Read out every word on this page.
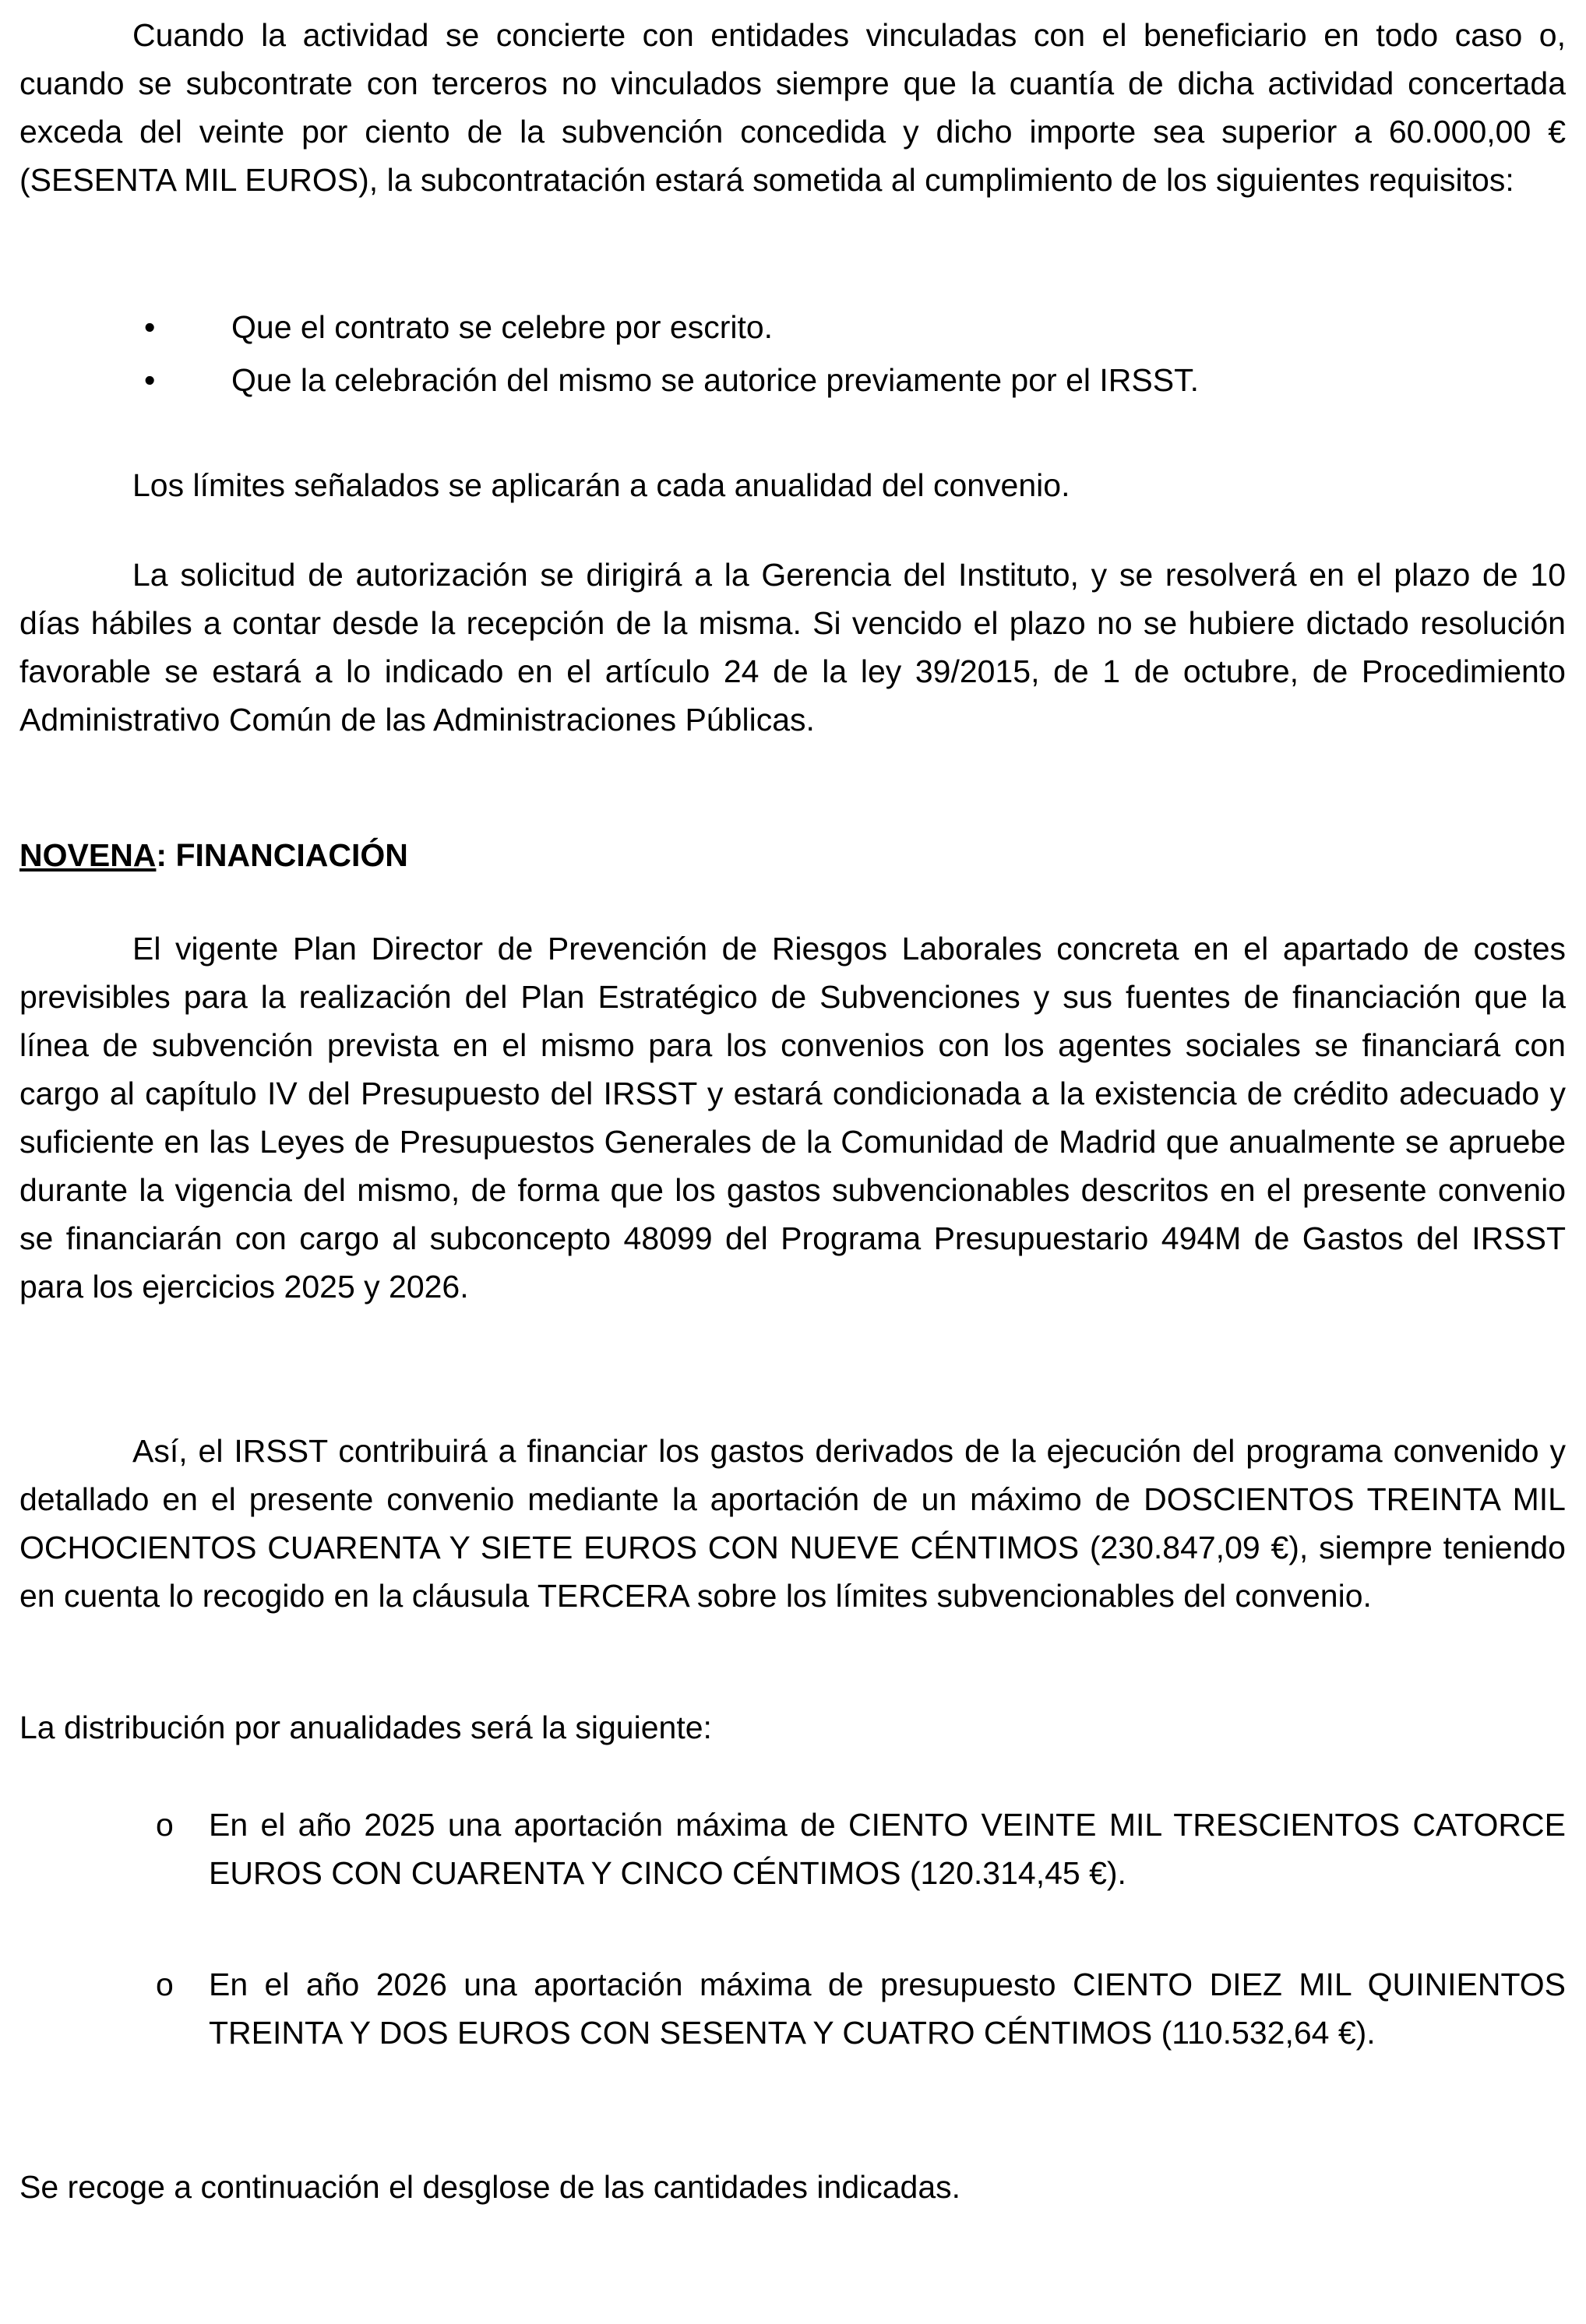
Cuando la actividad se concierte con entidades vinculadas con el beneficiario en todo caso o, cuando se subcontrate con terceros no vinculados siempre que la cuantía de dicha actividad concertada exceda del veinte por ciento de la subvención concedida y dicho importe sea superior a 60.000,00 € (SESENTA MIL EUROS), la subcontratación estará sometida al cumplimiento de los siguientes requisitos:

•	Que el contrato se celebre por escrito.
•	Que la celebración del mismo se autorice previamente por el IRSST.

Los límites señalados se aplicarán a cada anualidad del convenio.

La solicitud de autorización se dirigirá a la Gerencia del Instituto, y se resolverá en el plazo de 10 días hábiles a contar desde la recepción de la misma. Si vencido el plazo no se hubiere dictado resolución favorable se estará a lo indicado en el artículo 24 de la ley 39/2015, de 1 de octubre, de Procedimiento Administrativo Común de las Administraciones Públicas.

NOVENA: FINANCIACIÓN

El vigente Plan Director de Prevención de Riesgos Laborales concreta en el apartado de costes previsibles para la realización del Plan Estratégico de Subvenciones y sus fuentes de financiación que la línea de subvención prevista en el mismo para los convenios con los agentes sociales se financiará con cargo al capítulo IV del Presupuesto del IRSST y estará condicionada a la existencia de crédito adecuado y suficiente en las Leyes de Presupuestos Generales de la Comunidad de Madrid que anualmente se apruebe durante la vigencia del mismo, de forma que los gastos subvencionables descritos en el presente convenio se financiarán con cargo al subconcepto 48099 del Programa Presupuestario 494M de Gastos del IRSST para los ejercicios 2025 y 2026.

Así, el IRSST contribuirá a financiar los gastos derivados de la ejecución del programa convenido y detallado en el presente convenio mediante la aportación de un máximo de DOSCIENTOS TREINTA MIL OCHOCIENTOS CUARENTA Y SIETE EUROS CON NUEVE CÉNTIMOS (230.847,09 €), siempre teniendo en cuenta lo recogido en la cláusula TERCERA sobre los límites subvencionables del convenio.

La distribución por anualidades será la siguiente:

o	En el año 2025 una aportación máxima de CIENTO VEINTE MIL TRESCIENTOS CATORCE EUROS CON CUARENTA Y CINCO CÉNTIMOS (120.314,45 €).
o	En el año 2026 una aportación máxima de presupuesto CIENTO DIEZ MIL QUINIENTOS TREINTA Y DOS EUROS CON SESENTA Y CUATRO CÉNTIMOS (110.532,64 €).

Se recoge a continuación el desglose de las cantidades indicadas.
